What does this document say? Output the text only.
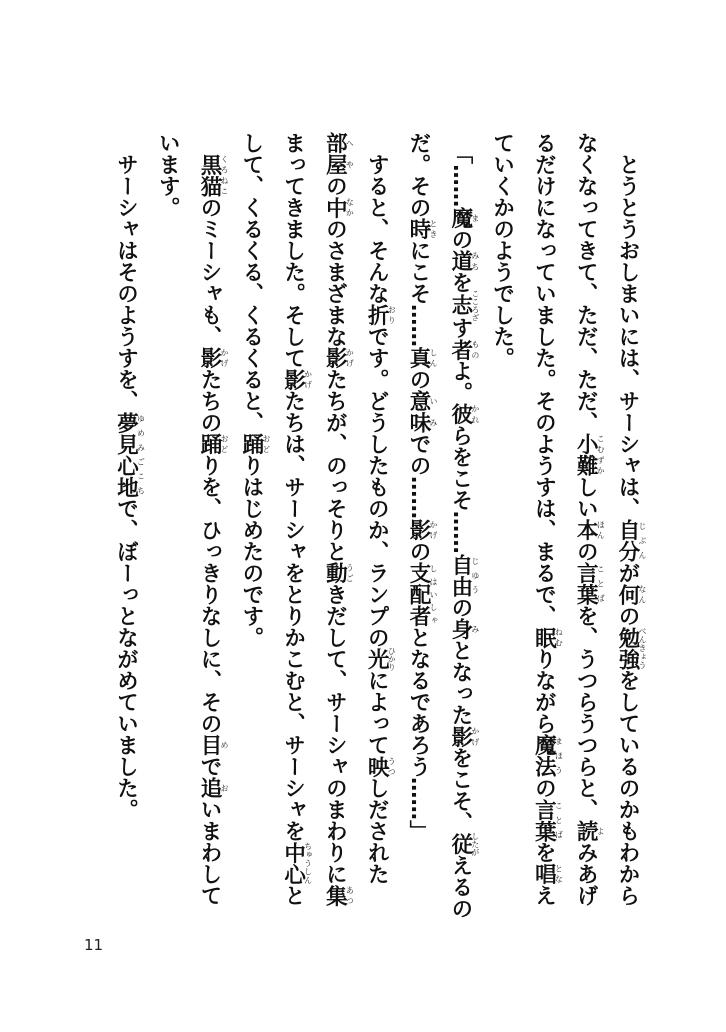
　とうとうおしまいには、サーシャは、自分じぶんが何なんの勉強べんきょうをしているのかもわからなくなってきて、ただ、ただ、小難こむずかしい本ほんの言葉ことばを、うつらうつらと、読よみあげるだけになっていました。そのようすは、まるで、眠ねむりながら魔法まほうの言葉ことばを唱となえていくかのようでした。

　「……魔まの道みちを志こころざす者ものよ。彼かれらをこそ……自由じゆうの身みとなった影かげをこそ、従したがえるのだ。その時ときにこそ……真しんの意味いみでの……影かげの支配者しはいしゃとなるであろう……」

　すると、そんな折おりです。どうしたものか、ランプの光ひかりによって映うつしだされた部屋へやの中なかのさまざまな影かげたちが、のっそりと動うごきだして、サーシャのまわりに集あつまってきました。そして影かげたちは、サーシャをとりかこむと、サーシャを中心ちゅうしんとして、くるくる、くるくると、踊おどりはじめたのです。

　黒猫くろねこのミーシャも、影かげたちの踊おどりを、ひっきりなしに、その目めで追おいまわしています。

　サーシャはそのようすを、夢見心地ゆめみごこちで、ぼーっとながめていました。

11
